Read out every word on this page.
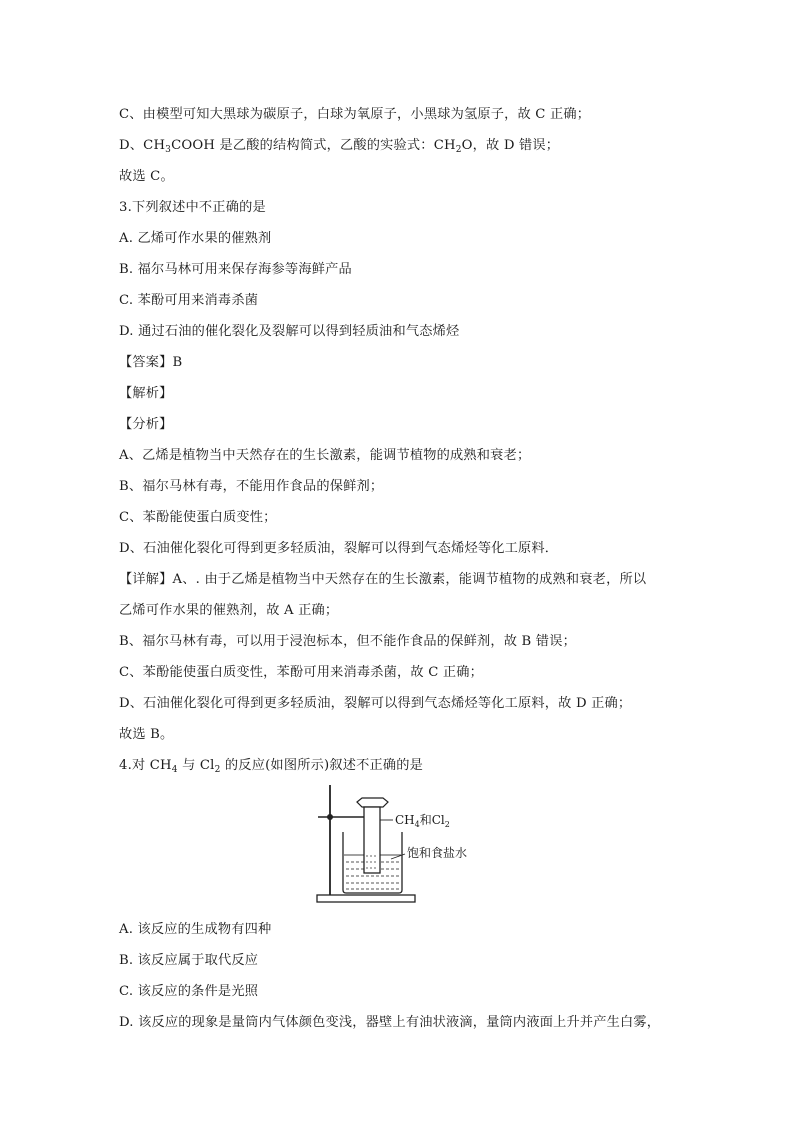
C、由模型可知大黑球为碳原子，白球为氧原子，小黑球为氢原子，故 C 正确；
D、$CH_3COOH$ 是乙酸的结构简式，乙酸的实验式：$CH_2O$，故 D 错误；
故选 C。
3.下列叙述中不正确的是
A. 乙烯可作水果的催熟剂
B. 福尔马林可用来保存海参等海鲜产品
C. 苯酚可用来消毒杀菌
D. 通过石油的催化裂化及裂解可以得到轻质油和气态烯烃
【答案】B
【解析】
【分析】
A、乙烯是植物当中天然存在的生长激素，能调节植物的成熟和衰老；
B、福尔马林有毒，不能用作食品的保鲜剂；
C、苯酚能使蛋白质变性；
D、石油催化裂化可得到更多轻质油，裂解可以得到气态烯烃等化工原料．
【详解】A、. 由于乙烯是植物当中天然存在的生长激素，能调节植物的成熟和衰老，所以
乙烯可作水果的催熟剂，故 A 正确；
B、福尔马林有毒，可以用于浸泡标本，但不能作食品的保鲜剂，故 B 错误；
C、苯酚能使蛋白质变性，苯酚可用来消毒杀菌，故 C 正确；
D、石油催化裂化可得到更多轻质油，裂解可以得到气态烯烃等化工原料，故 D 正确；
故选 B。
4.对 $CH_4$ 与 $Cl_2$ 的反应(如图所示)叙述不正确的是
$CH_4$和$Cl_2$
饱和食盐水
A. 该反应的生成物有四种
B. 该反应属于取代反应
C. 该反应的条件是光照
D. 该反应的现象是量筒内气体颜色变浅，器壁上有油状液滴，量筒内液面上升并产生白雾，
